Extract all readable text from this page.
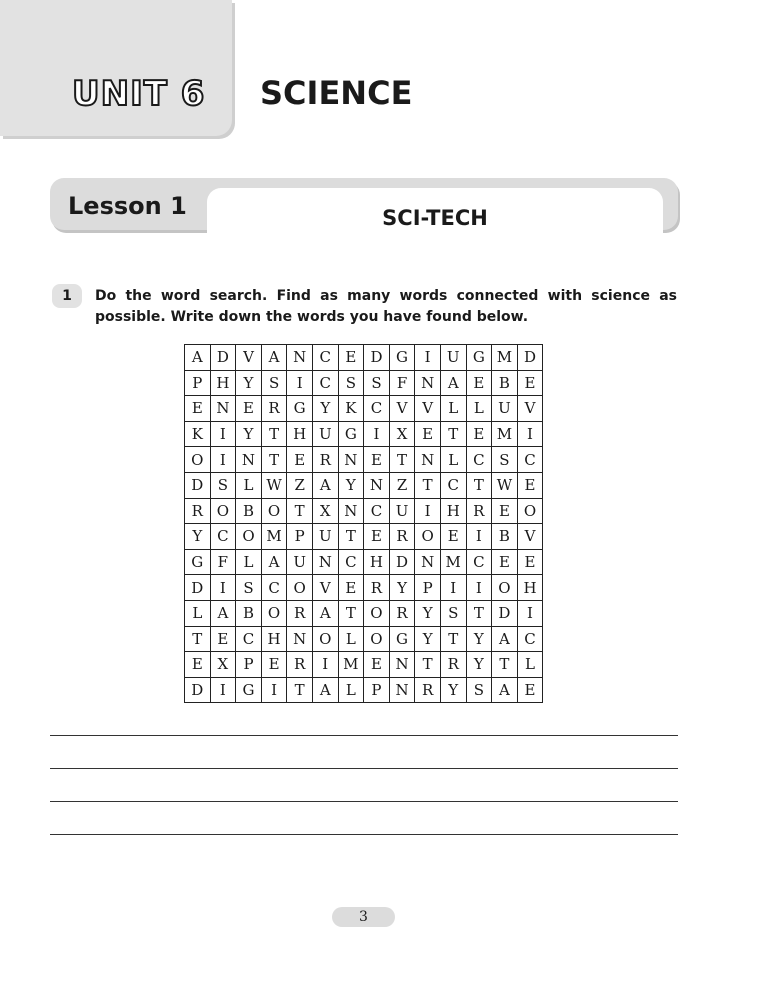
UNIT 6 SCIENCE
Lesson 1	SCI-TECH
1	Do the word search. Find as many words connected with science as possible. Write down the words you have found below.
A	D	V	A	N	C	E	D	G	I	U	G	M	D
P	H	Y	S	I	C	S	S	F	N	A	E	B	E
E	N	E	R	G	Y	K	C	V	V	L	L	U	V
K	I	Y	T	H	U	G	I	X	E	T	E	M	I
O	I	N	T	E	R	N	E	T	N	L	C	S	C
D	S	L	W	Z	A	Y	N	Z	T	C	T	W	E
R	O	B	O	T	X	N	C	U	I	H	R	E	O
Y	C	O	M	P	U	T	E	R	O	E	I	B	V
G	F	L	A	U	N	C	H	D	N	M	C	E	E
D	I	S	C	O	V	E	R	Y	P	I	I	O	H
L	A	B	O	R	A	T	O	R	Y	S	T	D	I
T	E	C	H	N	O	L	O	G	Y	T	Y	A	C
E	X	P	E	R	I	M	E	N	T	R	Y	T	L
D	I	G	I	T	A	L	P	N	R	Y	S	A	E
3
